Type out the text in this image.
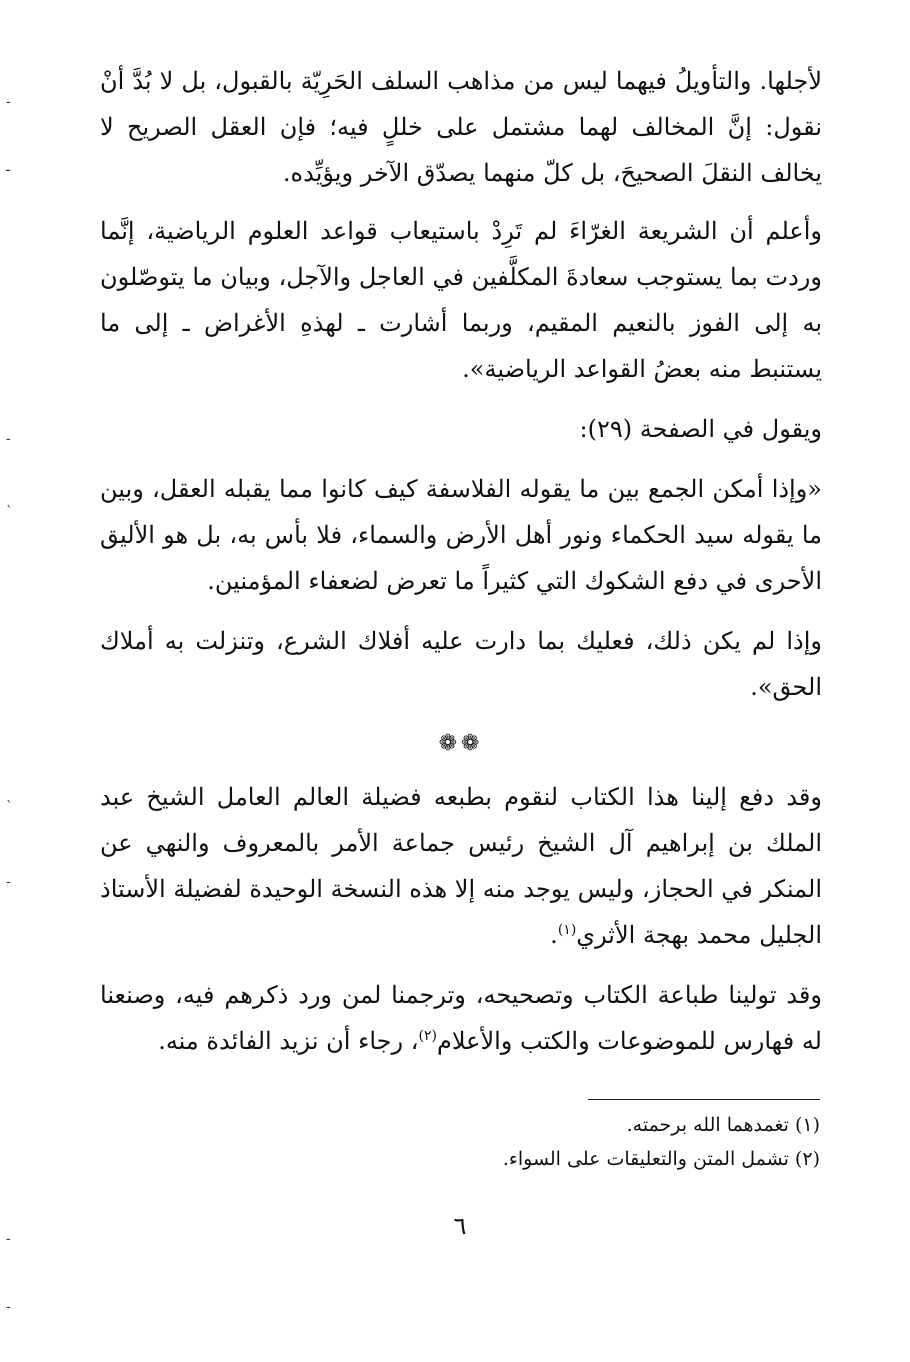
لأجلها. والتأويلُ فيهما ليس من مذاهب السلف الحَرِيّة بالقبول، بل لا بُدَّ أنْ نقول: إنَّ المخالف لهما مشتمل على خللٍ فيه؛ فإن العقل الصريح لا يخالف النقلَ الصحيحَ، بل كلّ منهما يصدّق الآخر ويؤيِّده.

وأعلم أن الشريعة الغرّاءَ لم تَرِدْ باستيعاب قواعد العلوم الرياضية، إنَّما وردت بما يستوجب سعادةَ المكلَّفين في العاجل والآجل، وبيان ما يتوصّلون به إلى الفوز بالنعيم المقيم، وربما أشارت ـ لهذهِ الأغراض ـ إلى ما يستنبط منه بعضُ القواعد الرياضية».

ويقول في الصفحة (٢٩):

«وإذا أمكن الجمع بين ما يقوله الفلاسفة كيف كانوا مما يقبله العقل، وبين ما يقوله سيد الحكماء ونور أهل الأرض والسماء، فلا بأس به، بل هو الأليق الأحرى في دفع الشكوك التي كثيراً ما تعرض لضعفاء المؤمنين.

وإذا لم يكن ذلك، فعليك بما دارت عليه أفلاك الشرع، وتنزلت به أملاك الحق».

❁❁

وقد دفع إلينا هذا الكتاب لنقوم بطبعه فضيلة العالم العامل الشيخ عبد الملك بن إبراهيم آل الشيخ رئيس جماعة الأمر بالمعروف والنهي عن المنكر في الحجاز، وليس يوجد منه إلا هذه النسخة الوحيدة لفضيلة الأستاذ الجليل محمد بهجة الأثري$^{(١)}$.

وقد تولينا طباعة الكتاب وتصحيحه، وترجمنا لمن ورد ذكرهم فيه، وصنعنا له فهارس للموضوعات والكتب والأعلام$^{(٢)}$، رجاء أن نزيد الفائدة منه.

(١) تغمدهما الله برحمته.
(٢) تشمل المتن والتعليقات على السواء.
٦
-
ـ
-
ˋ
ˋ
-
-
-
